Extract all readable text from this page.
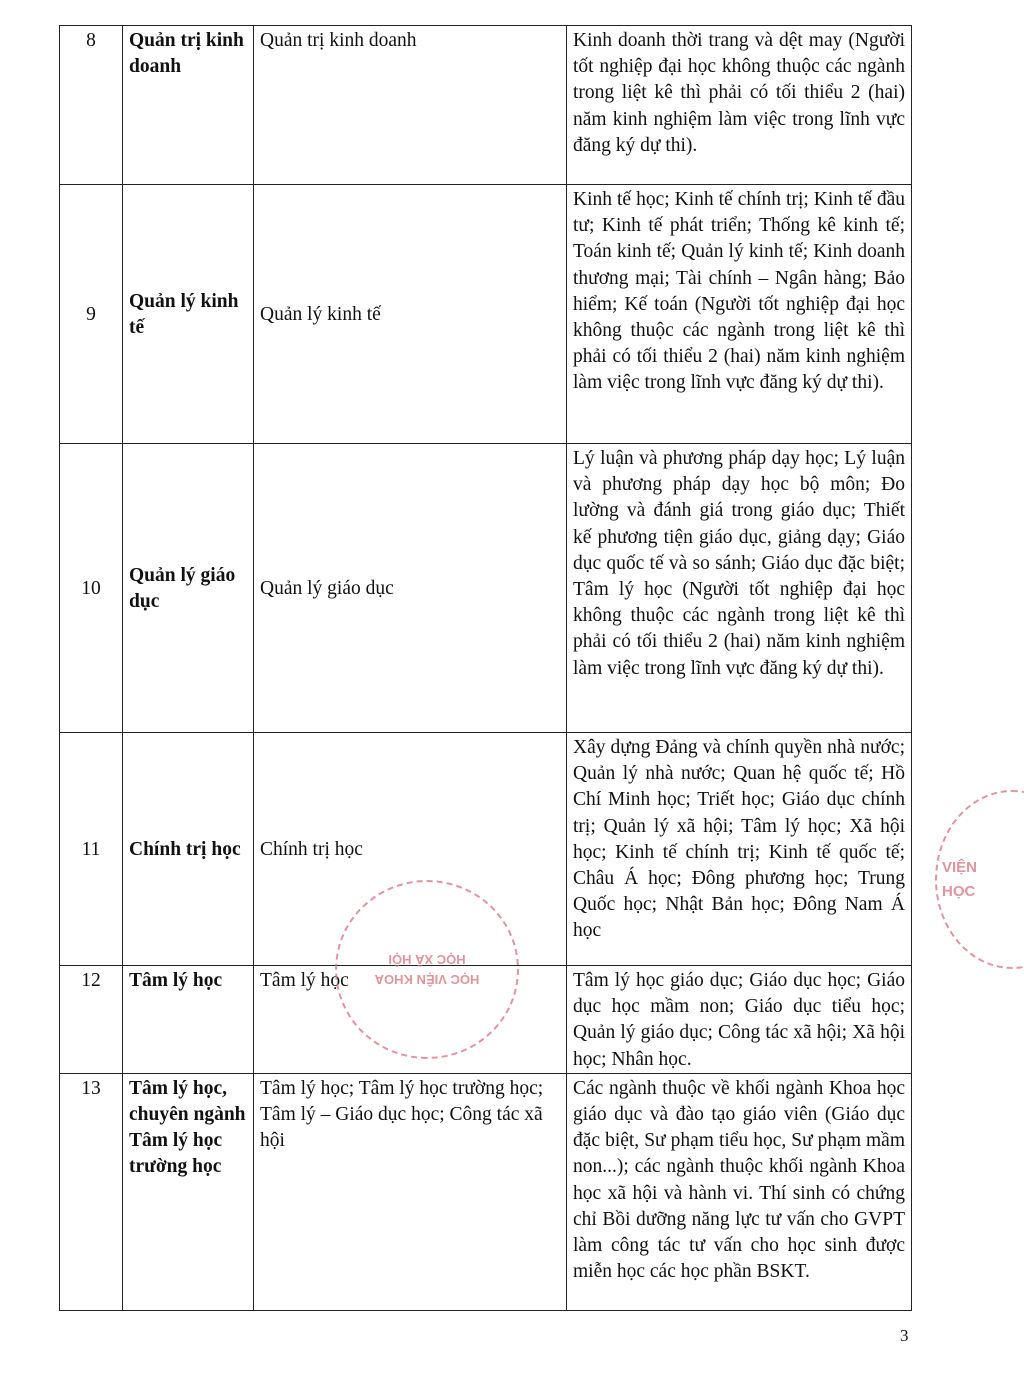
8	Quản trị kinh doanh	Quản trị kinh doanh	Kinh doanh thời trang và dệt may (Người tốt nghiệp đại học không thuộc các ngành trong liệt kê thì phải có tối thiểu 2 (hai) năm kinh nghiệm làm việc trong lĩnh vực đăng ký dự thi).
9	Quản lý kinh tế	Quản lý kinh tế	Kinh tế học; Kinh tế chính trị; Kinh tế đầu tư; Kinh tế phát triển; Thống kê kinh tế; Toán kinh tế; Quản lý kinh tế; Kinh doanh thương mại; Tài chính – Ngân hàng; Bảo hiểm; Kế toán (Người tốt nghiệp đại học không thuộc các ngành trong liệt kê thì phải có tối thiểu 2 (hai) năm kinh nghiệm làm việc trong lĩnh vực đăng ký dự thi).
10	Quản lý giáo dục	Quản lý giáo dục	Lý luận và phương pháp dạy học; Lý luận và phương pháp dạy học bộ môn; Đo lường và đánh giá trong giáo dục; Thiết kế phương tiện giáo dục, giảng dạy; Giáo dục quốc tế và so sánh; Giáo dục đặc biệt; Tâm lý học (Người tốt nghiệp đại học không thuộc các ngành trong liệt kê thì phải có tối thiểu 2 (hai) năm kinh nghiệm làm việc trong lĩnh vực đăng ký dự thi).
11	Chính trị học	Chính trị học	Xây dựng Đảng và chính quyền nhà nước; Quản lý nhà nước; Quan hệ quốc tế; Hồ Chí Minh học; Triết học; Giáo dục chính trị; Quản lý xã hội; Tâm lý học; Xã hội học; Kinh tế chính trị; Kinh tế quốc tế; Châu Á học; Đông phương học; Trung Quốc học; Nhật Bản học; Đông Nam Á học
12	Tâm lý học	Tâm lý học	Tâm lý học giáo dục; Giáo dục học; Giáo dục học mầm non; Giáo dục tiểu học; Quản lý giáo dục; Công tác xã hội; Xã hội học; Nhân học.
13	Tâm lý học, chuyên ngành Tâm lý học trường học	Tâm lý học; Tâm lý học trường học; Tâm lý – Giáo dục học; Công tác xã hội	Các ngành thuộc về khối ngành Khoa học giáo dục và đào tạo giáo viên (Giáo dục đặc biệt, Sư phạm tiểu học, Sư phạm mầm non...); các ngành thuộc khối ngành Khoa học xã hội và hành vi. Thí sinh có chứng chỉ Bồi dưỡng năng lực tư vấn cho GVPT làm công tác tư vấn cho học sinh được miễn học các học phần BSKT.
HỌC VIỆN KHOA HỌC XÃ HỘI
VIỆN HỌC
3
